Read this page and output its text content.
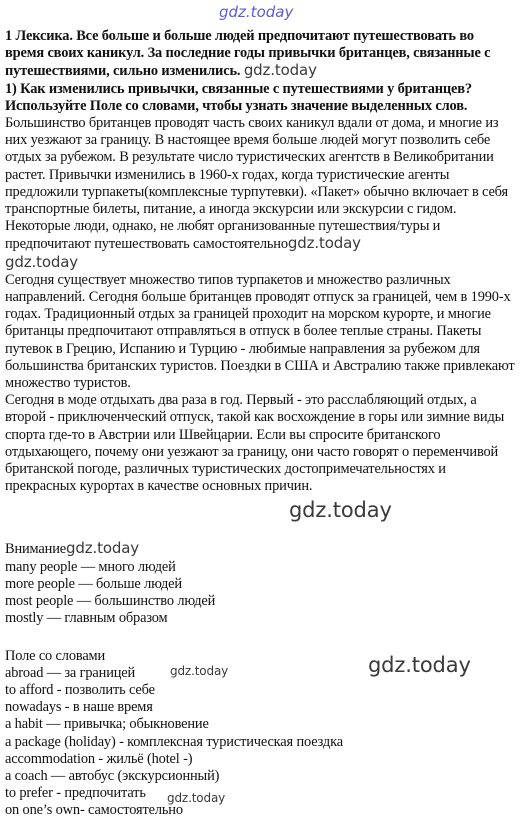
gdz.today

1 Лексика. Все больше и больше людей предпочитают путешествовать во время своих каникул. За последние годы привычки британцев, связанные с путешествиями, сильно изменились. gdz.today

1) Как изменились привычки, связанные с путешествиями у британцев? Используйте Поле со словами, чтобы узнать значение выделенных слов.

Большинство британцев проводят часть своих каникул вдали от дома, и многие из них уезжают за границу. В настоящее время больше людей могут позволить себе отдых за рубежом. В результате число туристических агентств в Великобритании растет. Привычки изменились в 1960-х годах, когда туристические агенты предложили турпакеты(комплексные турпутевки). «Пакет» обычно включает в себя транспортные билеты, питание, а иногда экскурсии или экскурсии с гидом. Некоторые люди, однако, не любят организованные путешествия/туры и предпочитают путешествовать самостоятельноgdz.todaygdz.today

Сегодня существует множество типов турпакетов и множество различных направлений. Сегодня больше британцев проводят отпуск за границей, чем в 1990-х годах. Традиционный отдых за границей проходит на морском курорте, и многие британцы предпочитают отправляться в отпуск в более теплые страны. Пакеты путевок в Грецию, Испанию и Турцию - любимые направления за рубежом для большинства британских туристов. Поездки в США и Австралию также привлекают множество туристов.

Сегодня в моде отдыхать два раза в год. Первый - это расслабляющий отдых, а второй - приключенческий отпуск, такой как восхождение в горы или зимние виды спорта где-то в Австрии или Швейцарии. Если вы спросите британского отдыхающего, почему они уезжают за границу, они часто говорят о переменчивой британской погоде, различных туристических достопримечательностях и прекрасных курортах в качестве основных причин.

gdz.today

Вниманиеgdz.today

many people — много людей

more people — больше людей

most people — большинство людей

mostly — главным образом

Поле со словами

gdz.today	gdz.today

abroad — за границей

to afford - позволить себе

nowadays - в наше время

a habit — привычка; обыкновение

a package (holiday) - комплексная туристическая поездка

accommodation - жильё (hotel -)

a coach — автобус (экскурсионный)

gdz.today

to prefer - предпочитать

on one’s own- самостоятельно
